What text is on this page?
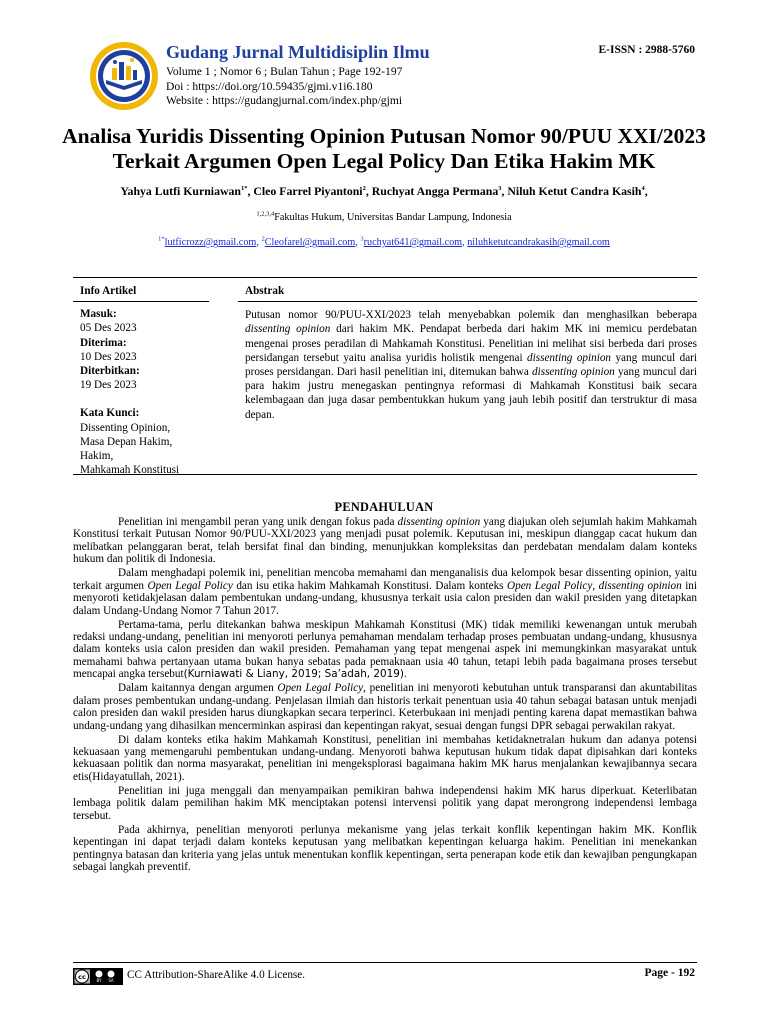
Gudang Jurnal Multidisiplin Ilmu
Volume 1 ; Nomor 6 ; Bulan Tahun ; Page 192-197
Doi : https://doi.org/10.59435/gjmi.v1i6.180
Website : https://gudangjurnal.com/index.php/gjmi
E-ISSN : 2988-5760
Analisa Yuridis Dissenting Opinion Putusan Nomor 90/PUU XXI/2023
Terkait Argumen Open Legal Policy Dan Etika Hakim MK
Yahya Lutfi Kurniawan$^{1*}$, Cleo Farrel Piyantoni$^2$, Ruchyat Angga Permana$^3$, Niluh Ketut Candra Kasih$^4$,
$^{1,2,3,4}$Fakultas Hukum, Universitas Bandar Lampung, Indonesia
$^{1*}$lutficrozz@gmail.com, $^2$Cleofarel@gmail.com, $^3$ruchyat641@gmail.com, niluhketutcandrakasih@gmail.com
Info Artikel
Masuk:
05 Des 2023
Diterima:
10 Des 2023
Diterbitkan:
19 Des 2023
Kata Kunci:
Dissenting Opinion,
Masa Depan Hakim,
Hakim,
Mahkamah Konstitusi
Abstrak

Putusan nomor 90/PUU-XXI/2023 telah menyebabkan polemik dan menghasilkan beberapa dissenting opinion dari hakim MK. Pendapat berbeda dari hakim MK ini memicu perdebatan mengenai proses peradilan di Mahkamah Konstitusi. Penelitian ini melihat sisi berbeda dari proses persidangan tersebut yaitu analisa yuridis holistik mengenai dissenting opinion yang muncul dari proses persidangan. Dari hasil penelitian ini, ditemukan bahwa dissenting opinion yang muncul dari para hakim justru menegaskan pentingnya reformasi di Mahkamah Konstitusi baik secara kelembagaan dan juga dasar pembentukkan hukum yang jauh lebih positif dan terstruktur di masa depan.

PENDAHULUAN

Penelitian ini mengambil peran yang unik dengan fokus pada dissenting opinion yang diajukan oleh sejumlah hakim Mahkamah Konstitusi terkait Putusan Nomor 90/PUU-XXI/2023 yang menjadi pusat polemik. Keputusan ini, meskipun dianggap cacat hukum dan melibatkan pelanggaran berat, telah bersifat final dan binding, menunjukkan kompleksitas dan perdebatan mendalam dalam konteks hukum dan politik di Indonesia.

Dalam menghadapi polemik ini, penelitian mencoba memahami dan menganalisis dua kelompok besar dissenting opinion, yaitu terkait argumen Open Legal Policy dan isu etika hakim Mahkamah Konstitusi. Dalam konteks Open Legal Policy, dissenting opinion ini menyoroti ketidakjelasan dalam pembentukan undang-undang, khususnya terkait usia calon presiden dan wakil presiden yang ditetapkan dalam Undang-Undang Nomor 7 Tahun 2017.

Pertama-tama, perlu ditekankan bahwa meskipun Mahkamah Konstitusi (MK) tidak memiliki kewenangan untuk merubah redaksi undang-undang, penelitian ini menyoroti perlunya pemahaman mendalam terhadap proses pembuatan undang-undang, khususnya dalam konteks usia calon presiden dan wakil presiden. Pemahaman yang tepat mengenai aspek ini memungkinkan masyarakat untuk memahami bahwa pertanyaan utama bukan hanya sebatas pada pemaknaan usia 40 tahun, tetapi lebih pada bagaimana proses tersebut mencapai angka tersebut(Kurniawati & Liany, 2019; Sa’adah, 2019).

Dalam kaitannya dengan argumen Open Legal Policy, penelitian ini menyoroti kebutuhan untuk transparansi dan akuntabilitas dalam proses pembentukan undang-undang. Penjelasan ilmiah dan historis terkait penentuan usia 40 tahun sebagai batasan untuk menjadi calon presiden dan wakil presiden harus diungkapkan secara terperinci. Keterbukaan ini menjadi penting karena dapat memastikan bahwa undang-undang yang dihasilkan mencerminkan aspirasi dan kepentingan rakyat, sesuai dengan fungsi DPR sebagai perwakilan rakyat.

Di dalam konteks etika hakim Mahkamah Konstitusi, penelitian ini membahas ketidaknetralan hukum dan adanya potensi kekuasaan yang memengaruhi pembentukan undang-undang. Menyoroti bahwa keputusan hukum tidak dapat dipisahkan dari konteks kekuasaan politik dan norma masyarakat, penelitian ini mengeksplorasi bagaimana hakim MK harus menjalankan kewajibannya secara etis(Hidayatullah, 2021).

Penelitian ini juga menggali dan menyampaikan pemikiran bahwa independensi hakim MK harus diperkuat. Keterlibatan lembaga politik dalam pemilihan hakim MK menciptakan potensi intervensi politik yang dapat merongrong independensi lembaga tersebut.

Pada akhirnya, penelitian menyoroti perlunya mekanisme yang jelas terkait konflik kepentingan hakim MK. Konflik kepentingan ini dapat terjadi dalam konteks keputusan yang melibatkan kepentingan keluarga hakim. Penelitian ini menekankan pentingnya batasan dan kriteria yang jelas untuk menentukan konflik kepentingan, serta penerapan kode etik dan kewajiban pengungkapan sebagai langkah preventif.

cc	BY SA CC Attribution-ShareAlike 4.0 License.	Page - 192
